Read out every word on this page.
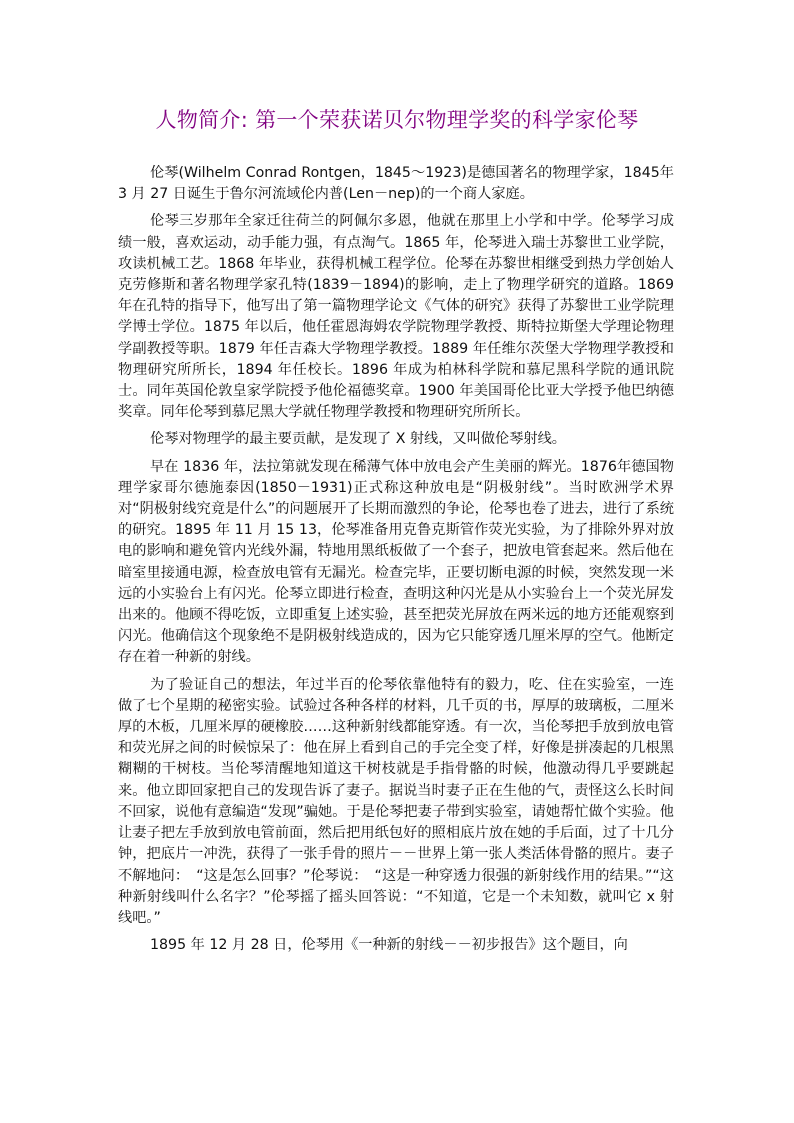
人物简介: 第一个荣获诺贝尔物理学奖的科学家伦琴

伦琴(Wilhelm Conrad Rontgen，1845～1923)是德国著名的物理学家，1845年 3 月 27 日诞生于鲁尔河流域伦内普(Len－nep)的一个商人家庭。

伦琴三岁那年全家迁往荷兰的阿佩尔多恩，他就在那里上小学和中学。伦琴学习成绩一般，喜欢运动，动手能力强，有点淘气。1865 年，伦琴进入瑞士苏黎世工业学院，攻读机械工艺。1868 年毕业，获得机械工程学位。伦琴在苏黎世相继受到热力学创始人克劳修斯和著名物理学家孔特(1839－1894)的影响，走上了物理学研究的道路。1869 年在孔特的指导下，他写出了第一篇物理学论文《气体的研究》获得了苏黎世工业学院理学博士学位。1875 年以后，他任霍恩海姆农学院物理学教授、斯特拉斯堡大学理论物理学副教授等职。1879 年任吉森大学物理学教授。1889 年任维尔茨堡大学物理学教授和物理研究所所长，1894 年任校长。1896 年成为柏林科学院和慕尼黑科学院的通讯院士。同年英国伦敦皇家学院授予他伦福德奖章。1900 年美国哥伦比亚大学授予他巴纳德奖章。同年伦琴到慕尼黑大学就任物理学教授和物理研究所所长。

伦琴对物理学的最主要贡献，是发现了 X 射线，又叫做伦琴射线。

早在 1836 年，法拉第就发现在稀薄气体中放电会产生美丽的辉光。1876年德国物理学家哥尔德施泰因(1850－1931)正式称这种放电是“阴极射线”。当时欧洲学术界对“阴极射线究竟是什么”的问题展开了长期而激烈的争论，伦琴也卷了进去，进行了系统的研究。1895 年 11 月 15 13，伦琴准备用克鲁克斯管作荧光实验，为了排除外界对放电的影响和避免管内光线外漏，特地用黑纸板做了一个套子，把放电管套起来。然后他在暗室里接通电源，检查放电管有无漏光。检查完毕，正要切断电源的时候，突然发现一米远的小实验台上有闪光。伦琴立即进行检查，查明这种闪光是从小实验台上一个荧光屏发出来的。他顾不得吃饭，立即重复上述实验，甚至把荧光屏放在两米远的地方还能观察到闪光。他确信这个现象绝不是阴极射线造成的，因为它只能穿透几厘米厚的空气。他断定存在着一种新的射线。

为了验证自己的想法，年过半百的伦琴依靠他特有的毅力，吃、住在实验室，一连做了七个星期的秘密实验。试验过各种各样的材料，几千页的书，厚厚的玻璃板，二厘米厚的木板，几厘米厚的硬橡胶……这种新射线都能穿透。有一次，当伦琴把手放到放电管和荧光屏之间的时候惊呆了：他在屏上看到自己的手完全变了样，好像是拼凑起的几根黑糊糊的干树枝。当伦琴清醒地知道这干树枝就是手指骨骼的时候，他激动得几乎要跳起来。他立即回家把自己的发现告诉了妻子。据说当时妻子正在生他的气，责怪这么长时间不回家，说他有意编造“发现”骗她。于是伦琴把妻子带到实验室，请她帮忙做个实验。他让妻子把左手放到放电管前面，然后把用纸包好的照相底片放在她的手后面，过了十几分钟，把底片一冲洗，获得了一张手骨的照片－－世界上第一张人类活体骨骼的照片。妻子不解地问：　“这是怎么回事？”伦琴说：　“这是一种穿透力很强的新射线作用的结果。”“这种新射线叫什么名字？”伦琴摇了摇头回答说：“不知道，它是一个未知数，就叫它 x 射线吧。”

1895 年 12 月 28 日，伦琴用《一种新的射线－－初步报告》这个题目，向
